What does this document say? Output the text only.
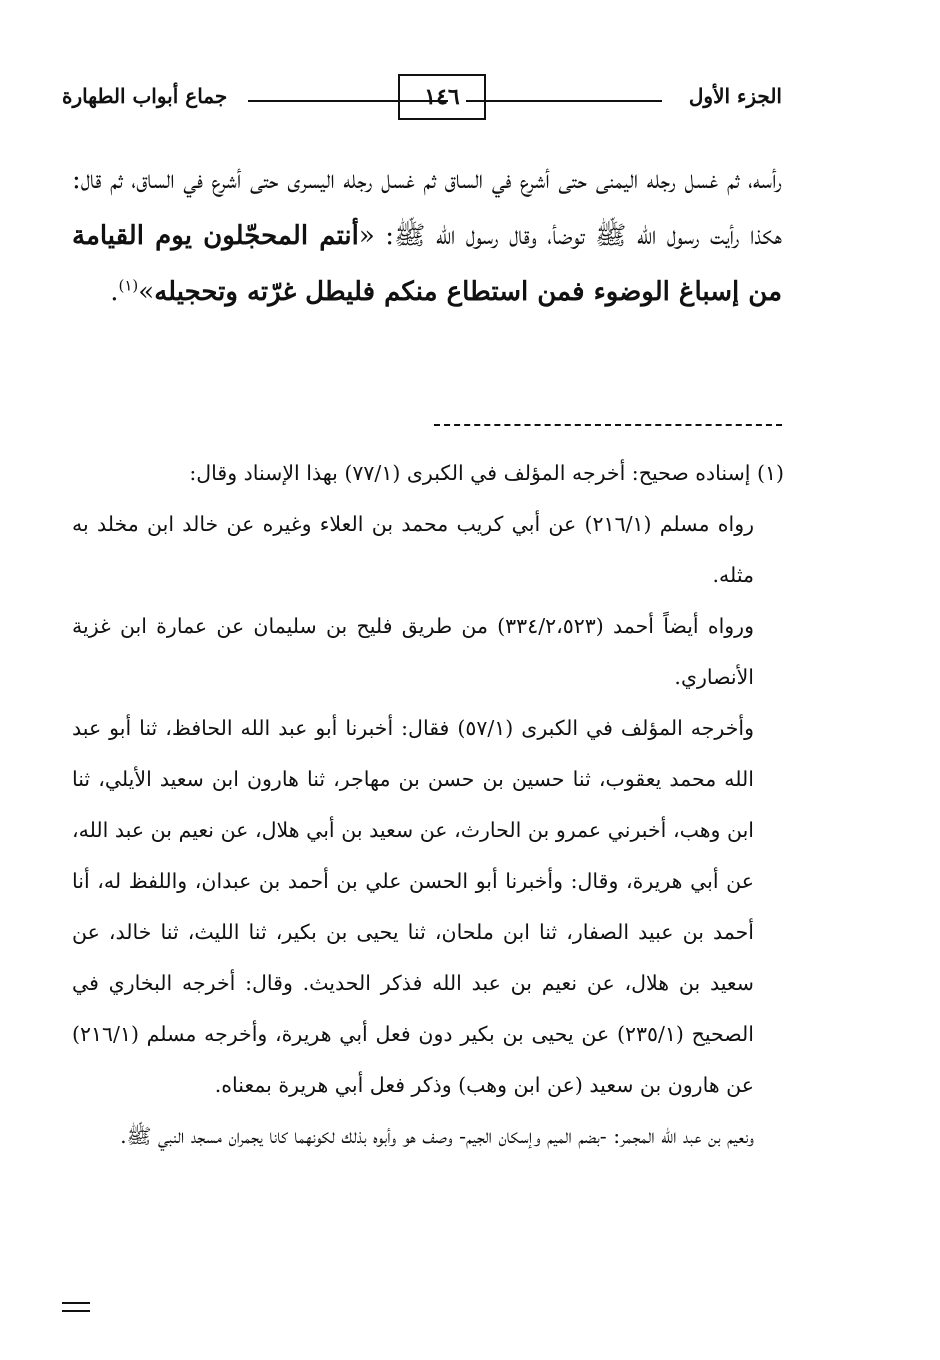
الجزء الأول
١٤٦
جماع أبواب الطهارة

رأسه، ثم غسل رجله اليمنى حتى أشرع في الساق ثم غسل رجله اليسرى حتى أشرع في الساق، ثم قال: هكذا رأيت رسول الله ﷺ توضأ، وقال رسول الله ﷺ: «أنتم المحجّلون يوم القيامة من إسباغ الوضوء فمن استطاع منكم فليطل غرّته وتحجيله»$^{(١)}$.

(١) إسناده صحيح: أخرجه المؤلف في الكبرى (٧٧/١) بهذا الإسناد وقال:

رواه مسلم (٢١٦/١) عن أبي كريب محمد بن العلاء وغيره عن خالد ابن مخلد به مثله.

ورواه أيضاً أحمد (٣٣٤/٢،٥٢٣) من طريق فليح بن سليمان عن عمارة ابن غزية الأنصاري.

وأخرجه المؤلف في الكبرى (٥٧/١) فقال: أخبرنا أبو عبد الله الحافظ، ثنا أبو عبد الله محمد يعقوب، ثنا حسين بن حسن بن مهاجر، ثنا هارون ابن سعيد الأيلي، ثنا ابن وهب، أخبرني عمرو بن الحارث، عن سعيد بن أبي هلال، عن نعيم بن عبد الله، عن أبي هريرة، وقال: وأخبرنا أبو الحسن علي بن أحمد بن عبدان، واللفظ له، أنا أحمد بن عبيد الصفار، ثنا ابن ملحان، ثنا يحيى بن بكير، ثنا الليث، ثنا خالد، عن سعيد بن هلال، عن نعيم بن عبد الله فذكر الحديث. وقال: أخرجه البخاري في الصحيح (٢٣٥/١) عن يحيى بن بكير دون فعل أبي هريرة، وأخرجه مسلم (٢١٦/١) عن هارون بن سعيد (عن ابن وهب) وذكر فعل أبي هريرة بمعناه.

ونعيم بن عبد الله المجمر: -بضم الميم وإسكان الجيم- وصف هو وأبوه بذلك لكونهما كانا يجمران مسجد النبي ﷺ.
